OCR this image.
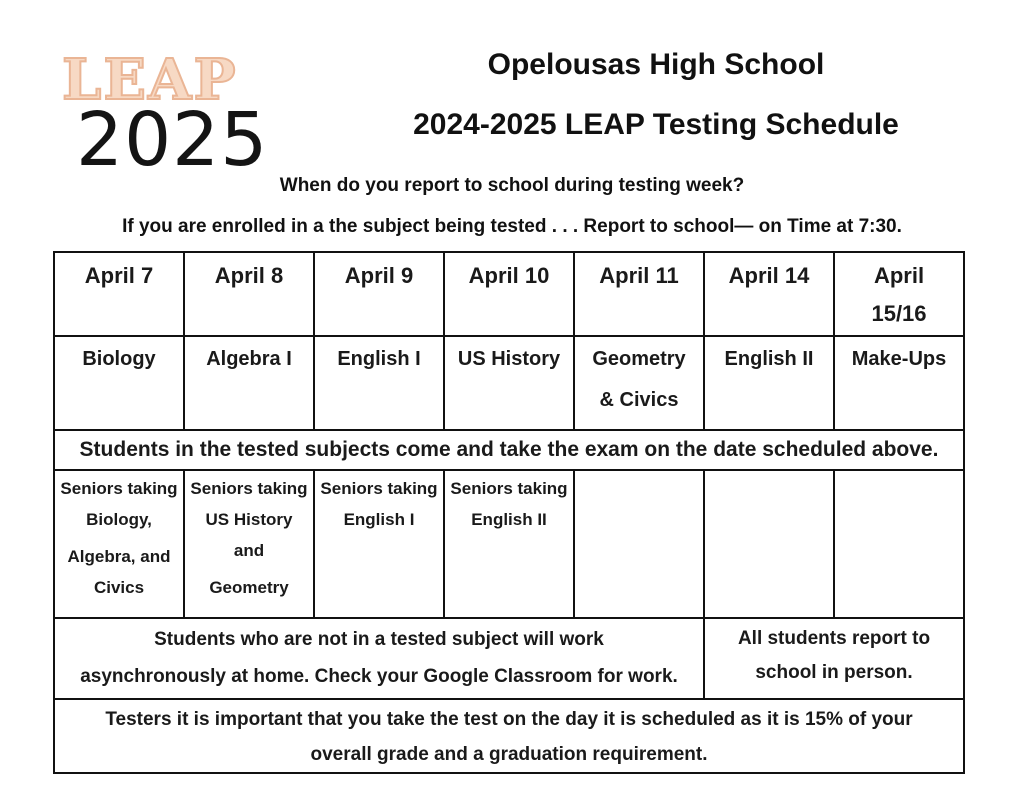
LEAP
2025
Opelousas High School
2024-2025 LEAP Testing Schedule
When do you report to school during testing week?
If you are enrolled in a the subject being tested . . . Report to school— on Time at 7:30.
April 7	April 8	April 9	April 10	April 11	April 14	April
15/16

Biology	Algebra I	English I	US History	Geometry
& Civics	English II	Make-Ups

Students in the tested subjects come and take the exam on the date scheduled above.						

Seniors taking
Biology,
Algebra, and
Civics	Seniors taking
US History
and
Geometry	Seniors taking
English I	Seniors taking
English II			

Students who are not in a tested subject will work
asynchronously at home. Check your Google Classroom for work.					All students report to
school in person.	

Testers it is important that you take the test on the day it is scheduled as it is 15% of your
overall grade and a graduation requirement.						
